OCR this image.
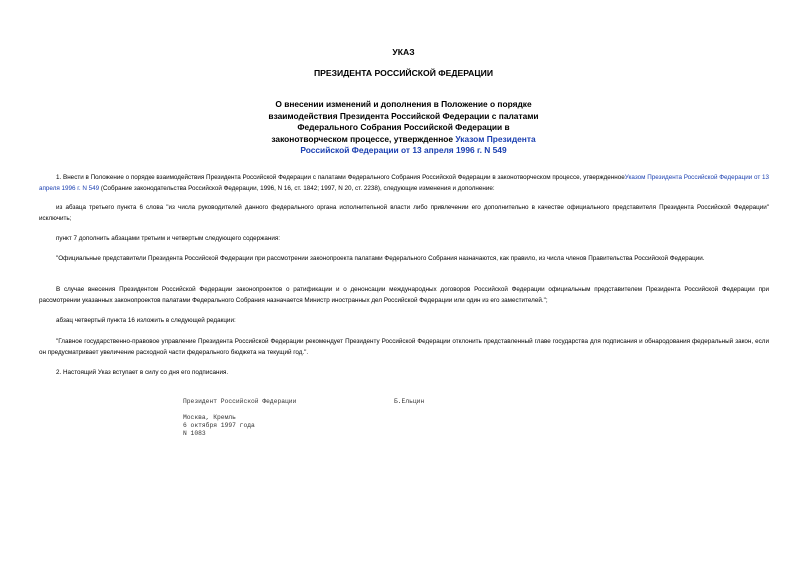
УКАЗ
ПРЕЗИДЕНТА РОССИЙСКОЙ ФЕДЕРАЦИИ
О внесении изменений и дополнения в Положение о порядке
взаимодействия Президента Российской Федерации с палатами
Федерального Собрания Российской Федерации в
законотворческом процессе, утвержденное Указом Президента
Российской Федерации от 13 апреля 1996 г. N 549

1. Внести в Положение о порядке взаимодействия Президента Российской Федерации с палатами Федерального Собрания Российской Федерации в законотворческом процессе, утвержденноеУказом Президента Российской Федерации от 13 апреля 1996 г. N 549 (Собрание законодательства Российской Федерации, 1996, N 16, ст. 1842; 1997, N 20, ст. 2238), следующие изменения и дополнение:

из абзаца третьего пункта 6 слова "из числа руководителей данного федерального органа исполнительной власти либо привлечении его дополнительно в качестве официального представителя Президента Российской Федерации" исключить;

пункт 7 дополнить абзацами третьим и четвертым следующего содержания:

"Официальные представители Президента Российской Федерации при рассмотрении законопроекта палатами Федерального Собрания назначаются, как правило, из числа членов Правительства Российской Федерации.

В случае внесения Президентом Российской Федерации законопроектов о ратификации и о денонсации международных договоров Российской Федерации официальным представителем Президента Российской Федерации при рассмотрении указанных законопроектов палатами Федерального Собрания назначается Министр иностранных дел Российской Федерации или один из его заместителей.";

абзац четвертый пункта 16 изложить в следующей редакции:

"Главное государственно-правовое управление Президента Российской Федерации рекомендует Президенту Российской Федерации отклонить представленный главе государства для подписания и обнародования федеральный закон, если он предусматривает увеличение расходной части федерального бюджета на текущий год.".

2. Настоящий Указ вступает в силу со дня его подписания.

Президент Российской Федерации	Б.Ельцин
Москва, Кремль
6 октября 1997 года
N 1083
